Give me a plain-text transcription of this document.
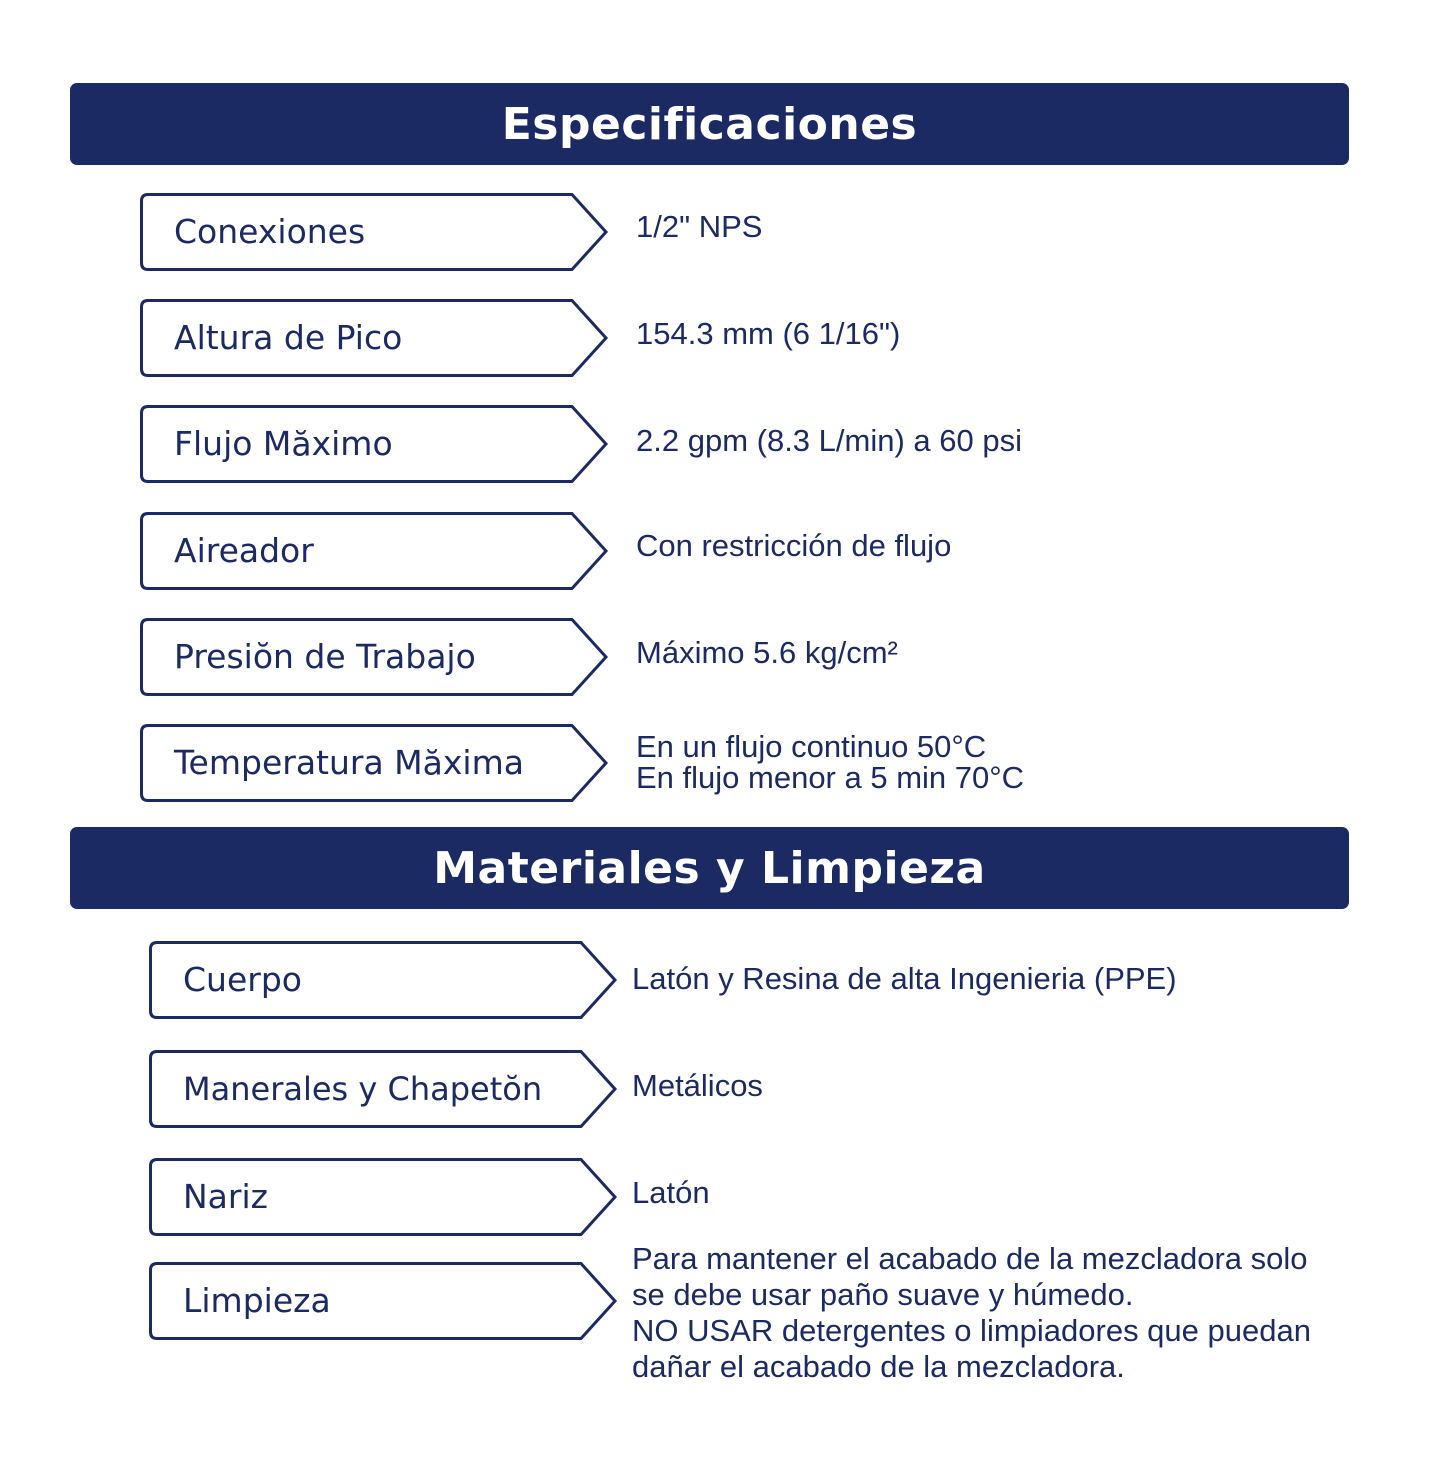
Especificaciones
Conexiones	1/2" NPS
Altura de Pico	154.3 mm (6 1/16")
Flujo Măximo	2.2 gpm (8.3 L/min) a 60 psi
Aireador	Con restricción de flujo
Presiŏn de Trabajo	Máximo 5.6 kg/cm²
Temperatura Măxima	En un flujo continuo 50°C
En flujo menor a 5 min 70°C
Materiales y Limpieza
Cuerpo	Latón y Resina de alta Ingenieria (PPE)
Manerales y Chapetŏn	Metálicos
Nariz	Latón
Limpieza
Para mantener el acabado de la mezcladora solo
se debe usar paño suave y húmedo.
NO USAR detergentes o limpiadores que puedan
dañar el acabado de la mezcladora.
